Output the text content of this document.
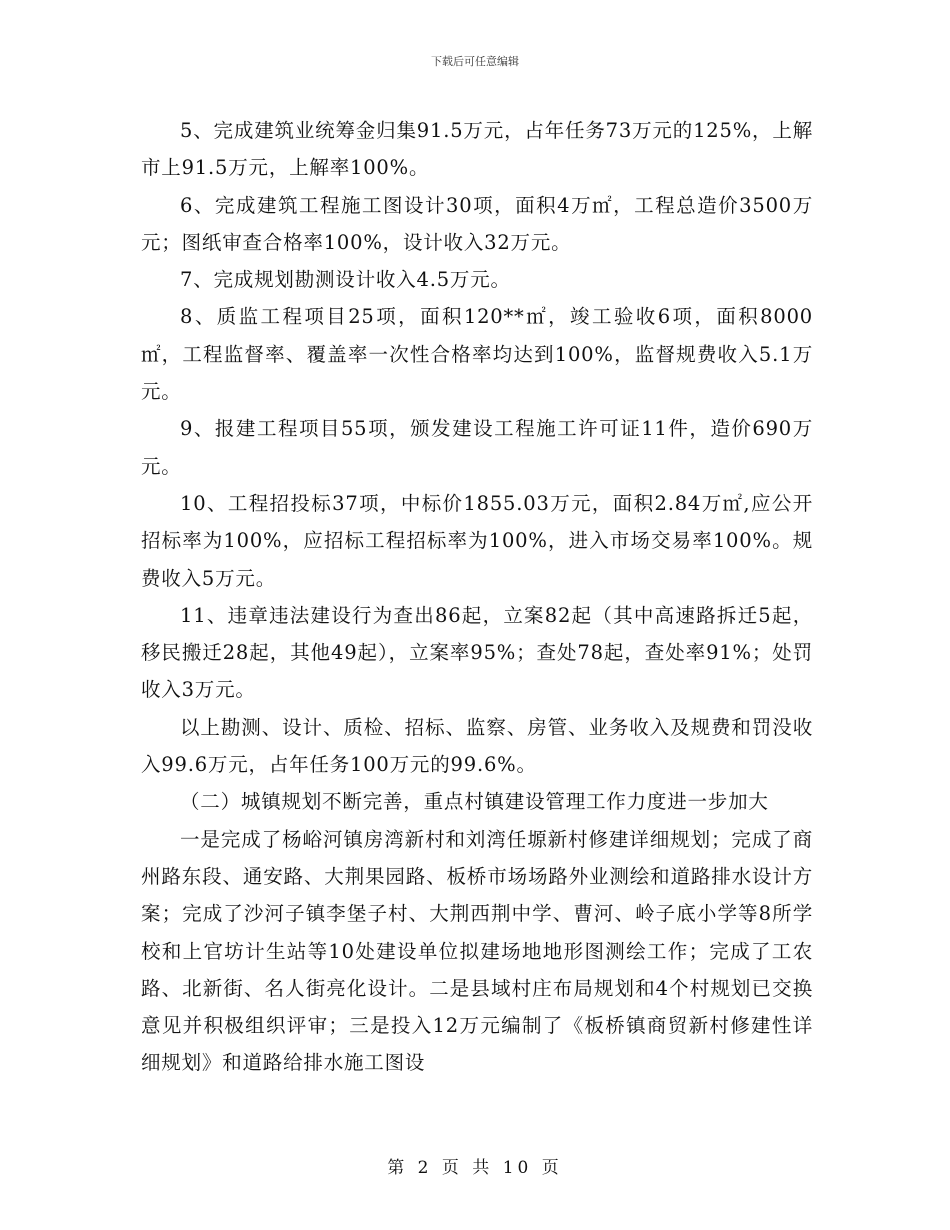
下载后可任意编辑

5、完成建筑业统筹金归集91.5万元，占年任务73万元的125%，上解市上91.5万元，上解率100%。

6、完成建筑工程施工图设计30项，面积4万㎡，工程总造价3500万元；图纸审查合格率100%，设计收入32万元。

7、完成规划勘测设计收入4.5万元。

8、质监工程项目25项，面积120**㎡，竣工验收6项，面积8000㎡，工程监督率、覆盖率一次性合格率均达到100%，监督规费收入5.1万元。

9、报建工程项目55项，颁发建设工程施工许可证11件，造价690万元。

10、工程招投标37项，中标价1855.03万元，面积2.84万㎡,应公开招标率为100%，应招标工程招标率为100%，进入市场交易率100%。规费收入5万元。

11、违章违法建设行为查出86起，立案82起（其中高速路拆迁5起，移民搬迁28起，其他49起），立案率95%；查处78起，查处率91%；处罚收入3万元。

以上勘测、设计、质检、招标、监察、房管、业务收入及规费和罚没收入99.6万元，占年任务100万元的99.6%。

（二）城镇规划不断完善，重点村镇建设管理工作力度进一步加大

一是完成了杨峪河镇房湾新村和刘湾任塬新村修建详细规划；完成了商州路东段、通安路、大荆果园路、板桥市场场路外业测绘和道路排水设计方案；完成了沙河子镇李堡子村、大荆西荆中学、曹河、岭子底小学等8所学校和上官坊计生站等10处建设单位拟建场地地形图测绘工作；完成了工农路、北新街、名人街亮化设计。二是县域村庄布局规划和4个村规划已交换意见并积极组织评审；三是投入12万元编制了《板桥镇商贸新村修建性详细规划》和道路给排水施工图设

第 2 页 共 10 页
